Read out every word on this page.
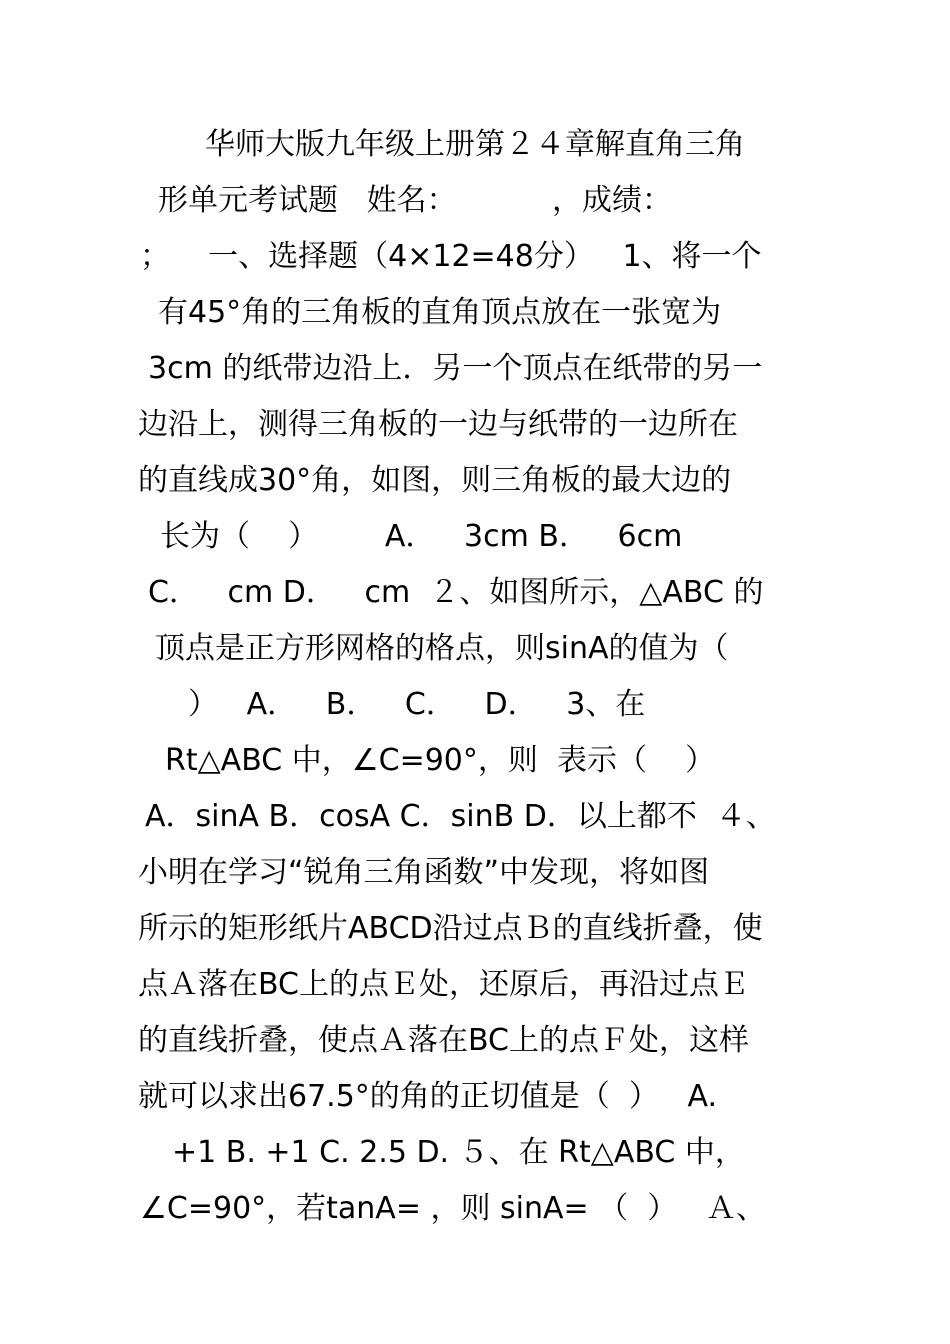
华师大版九年级上册第２４章解直角三角
形单元考试题   姓名：          ，成绩：
；    一、选择题（4×12=48分）   1、将一个
有45°角的三角板的直角顶点放在一张宽为
3cm 的纸带边沿上．另一个顶点在纸带的另一
边沿上，测得三角板的一边与纸带的一边所在
的直线成30°角，如图，则三角板的最大边的
长为（    ）       A．   3cm B．   6cm
C．   cm D．   cm  ２、如图所示，△ABC 的
顶点是正方形网格的格点，则sinA的值为（
）   A．   B．   C．   D．   3、在
Rt△ABC 中，∠C=90°，则  表示（    ）
A．sinA B．cosA C．sinB D．以上都不  ４、
小明在学习“锐角三角函数”中发现，将如图
所示的矩形纸片ABCD沿过点Ｂ的直线折叠，使
点Ａ落在BC上的点Ｅ处，还原后，再沿过点Ｅ
的直线折叠，使点Ａ落在BC上的点Ｆ处，这样
就可以求出67.5°的角的正切值是（  ）   A.
+1 B. +1 C. 2.5 D. ５、在 Rt△ABC 中，
∠C=90°，若tanA= ，则 sinA= （  ）   Ａ、
